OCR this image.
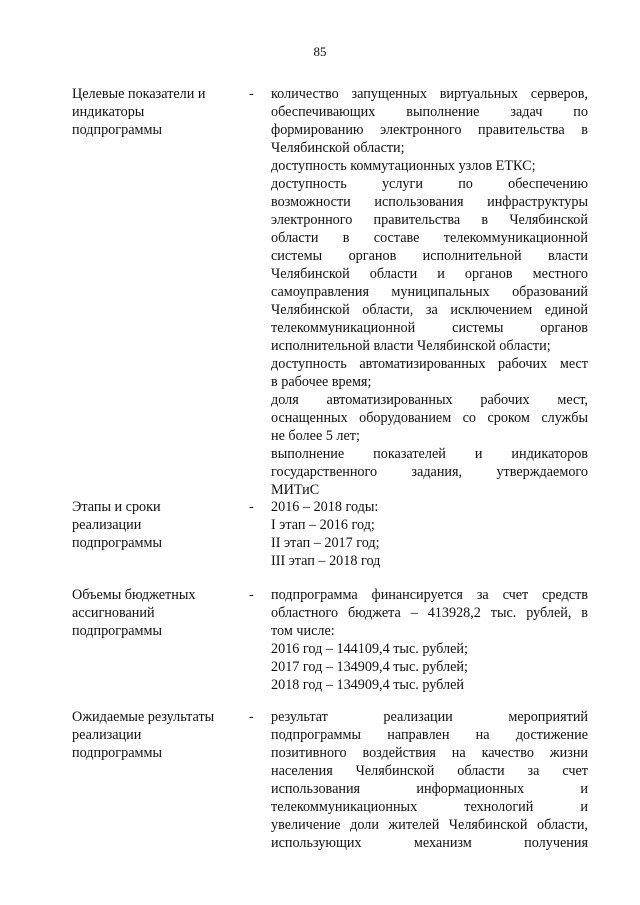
85
Целевые показатели и
индикаторы
подпрограммы
- количество запущенных виртуальных серверов,
обеспечивающих выполнение задач по
формированию электронного правительства в
Челябинской области;
доступность коммутационных узлов ЕТКС;
доступность услуги по обеспечению
возможности использования инфраструктуры
электронного правительства в Челябинской
области в составе телекоммуникационной
системы органов исполнительной власти
Челябинской области и органов местного
самоуправления муниципальных образований
Челябинской области, за исключением единой
телекоммуникационной системы органов
исполнительной власти Челябинской области;
доступность автоматизированных рабочих мест
в рабочее время;
доля автоматизированных рабочих мест,
оснащенных оборудованием со сроком службы
не более 5 лет;
выполнение показателей и индикаторов
государственного задания, утверждаемого
МИТиС
Этапы и сроки
реализации
подпрограммы
- 2016 – 2018 годы:
I этап – 2016 год;
II этап – 2017 год;
III этап – 2018 год
Объемы бюджетных
ассигнований
подпрограммы
- подпрограмма финансируется за счет средств
областного бюджета – 413928,2 тыс. рублей, в
том числе:
2016 год – 144109,4 тыс. рублей;
2017 год – 134909,4 тыс. рублей;
2018 год – 134909,4 тыс. рублей
Ожидаемые результаты
реализации
подпрограммы
- результат реализации мероприятий
подпрограммы направлен на достижение
позитивного воздействия на качество жизни
населения Челябинской области за счет
использования информационных и
телекоммуникационных технологий и
увеличение доли жителей Челябинской области,
использующих механизм получения
